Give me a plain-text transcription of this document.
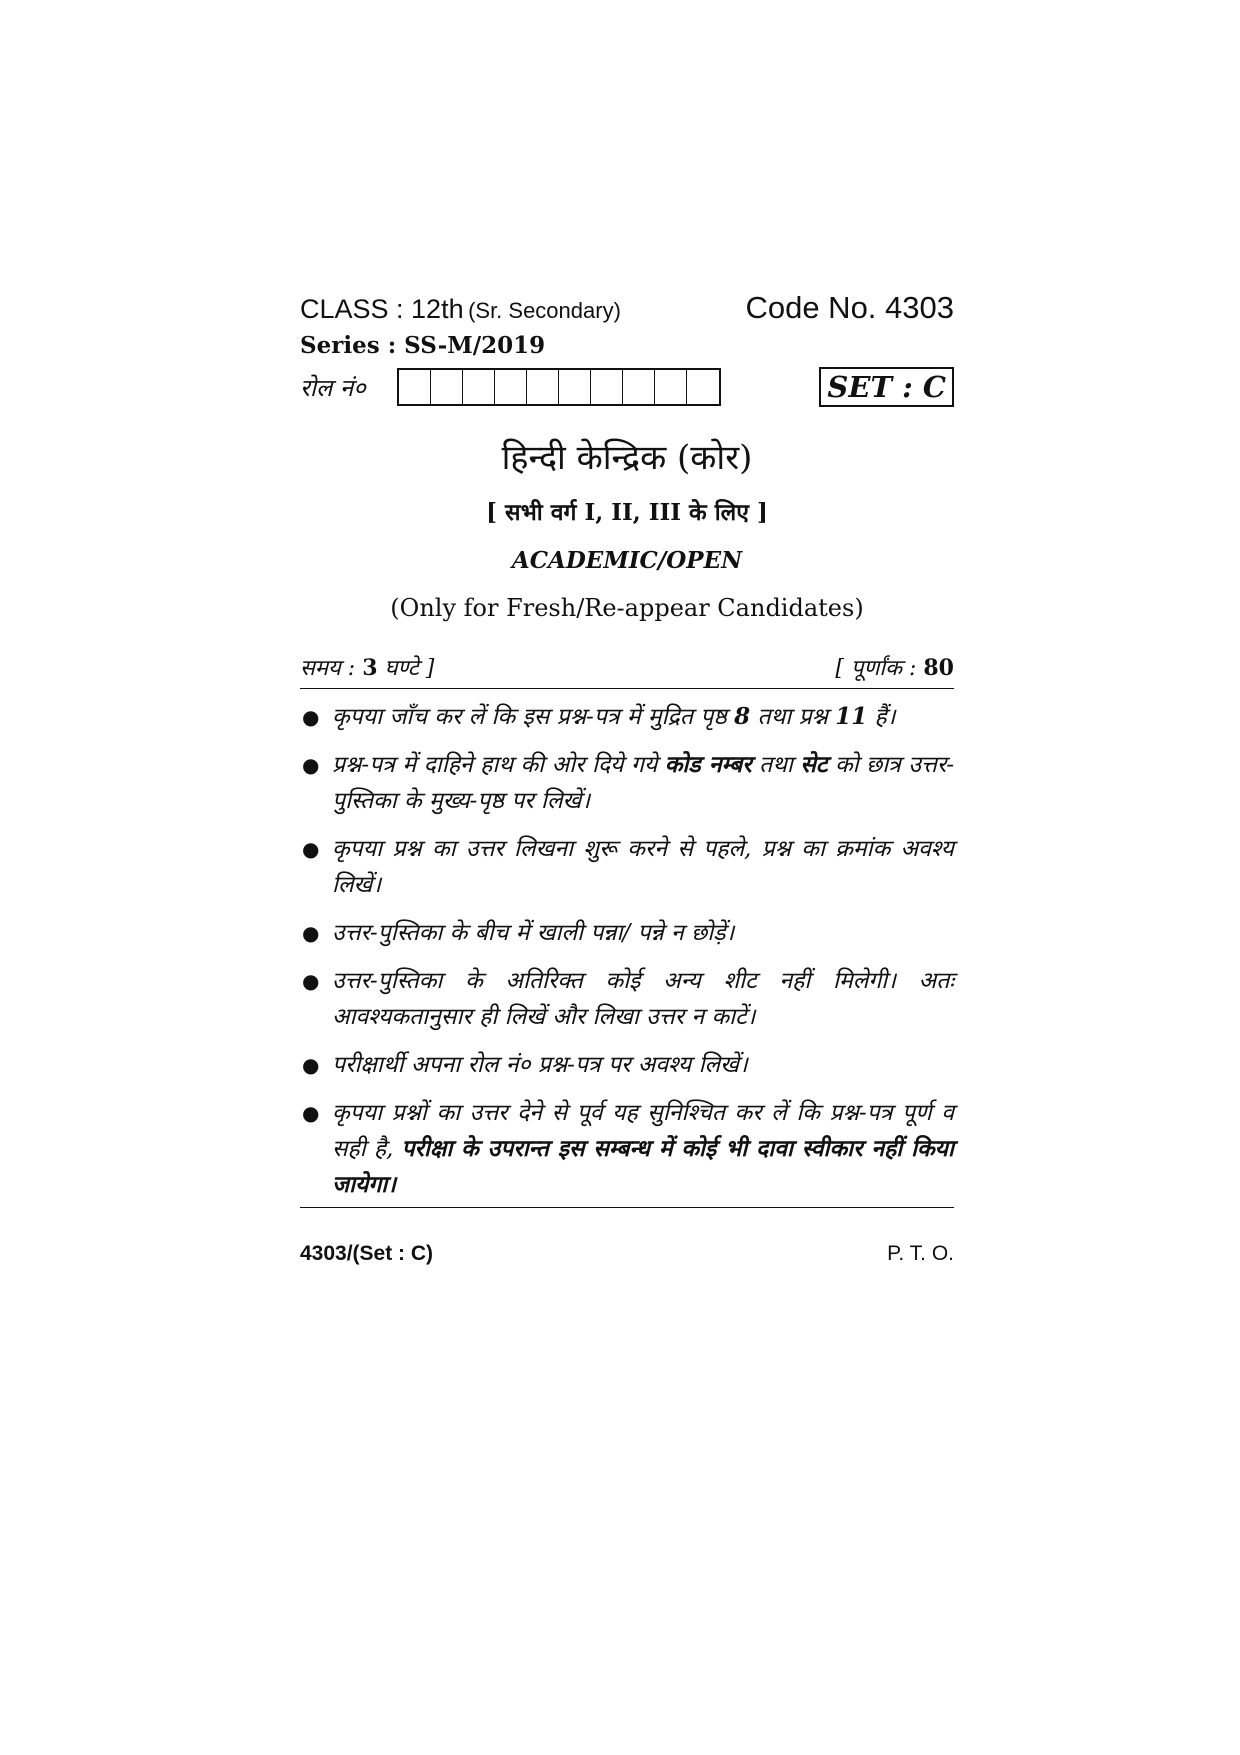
CLASS : 12th (Sr. Secondary)	Code No. 4303
Series : SS-M/2019
रोल नं०	SET : C
हिन्दी केन्द्रिक (कोर)
[ सभी वर्ग I, II, III के लिए ]
ACADEMIC/OPEN
(Only for Fresh/Re-appear Candidates)
समय : 3 घण्टे ]	[ पूर्णांक : 80
● कृपया जाँच कर लें कि इस प्रश्न-पत्र में मुद्रित पृष्ठ 8 तथा प्रश्न 11 हैं।
● प्रश्न-पत्र में दाहिने हाथ की ओर दिये गये कोड नम्बर तथा सेट को छात्र उत्तर-पुस्तिका के मुख्य-पृष्ठ पर लिखें।
● कृपया प्रश्न का उत्तर लिखना शुरू करने से पहले, प्रश्न का क्रमांक अवश्य लिखें।
● उत्तर-पुस्तिका के बीच में खाली पन्ना/ पन्ने न छोड़ें।
● उत्तर-पुस्तिका के अतिरिक्त कोई अन्य शीट नहीं मिलेगी। अतः आवश्यकतानुसार ही लिखें और लिखा उत्तर न काटें।
● परीक्षार्थी अपना रोल नं० प्रश्न-पत्र पर अवश्य लिखें।
● कृपया प्रश्नों का उत्तर देने से पूर्व यह सुनिश्चित कर लें कि प्रश्न-पत्र पूर्ण व सही है, परीक्षा के उपरान्त इस सम्बन्ध में कोई भी दावा स्वीकार नहीं किया जायेगा।
4303/(Set : C)	P. T. O.
